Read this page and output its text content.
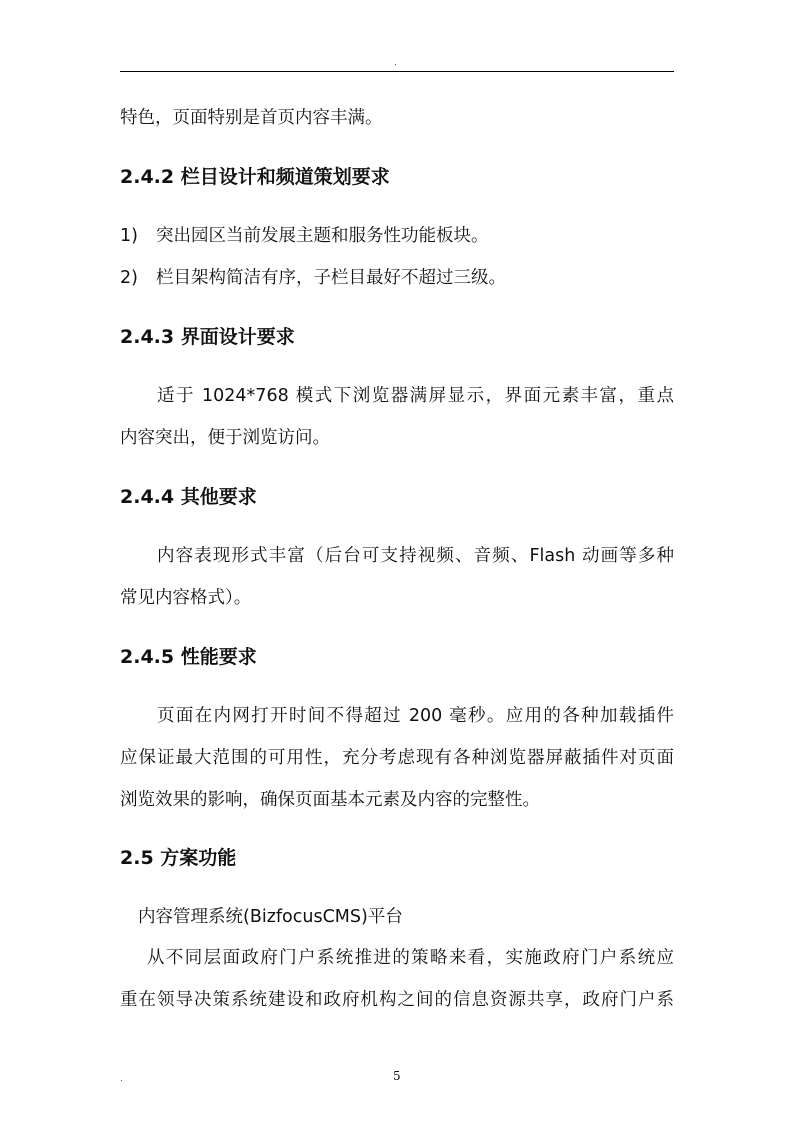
.
特色，页面特别是首页内容丰满。
2.4.2 栏目设计和频道策划要求
1) 突出园区当前发展主题和服务性功能板块。
2) 栏目架构简洁有序，子栏目最好不超过三级。
2.4.3 界面设计要求
适于 1024*768 模式下浏览器满屏显示，界面元素丰富，重点
内容突出，便于浏览访问。
2.4.4 其他要求
内容表现形式丰富（后台可支持视频、音频、Flash 动画等多种
常见内容格式）。
2.4.5 性能要求
页面在内网打开时间不得超过 200 毫秒。应用的各种加载插件
应保证最大范围的可用性，充分考虑现有各种浏览器屏蔽插件对页面
浏览效果的影响，确保页面基本元素及内容的完整性。
2.5 方案功能
内容管理系统(BizfocusCMS)平台
从不同层面政府门户系统推进的策略来看，实施政府门户系统应
重在领导决策系统建设和政府机构之间的信息资源共享，政府门户系
.	5
